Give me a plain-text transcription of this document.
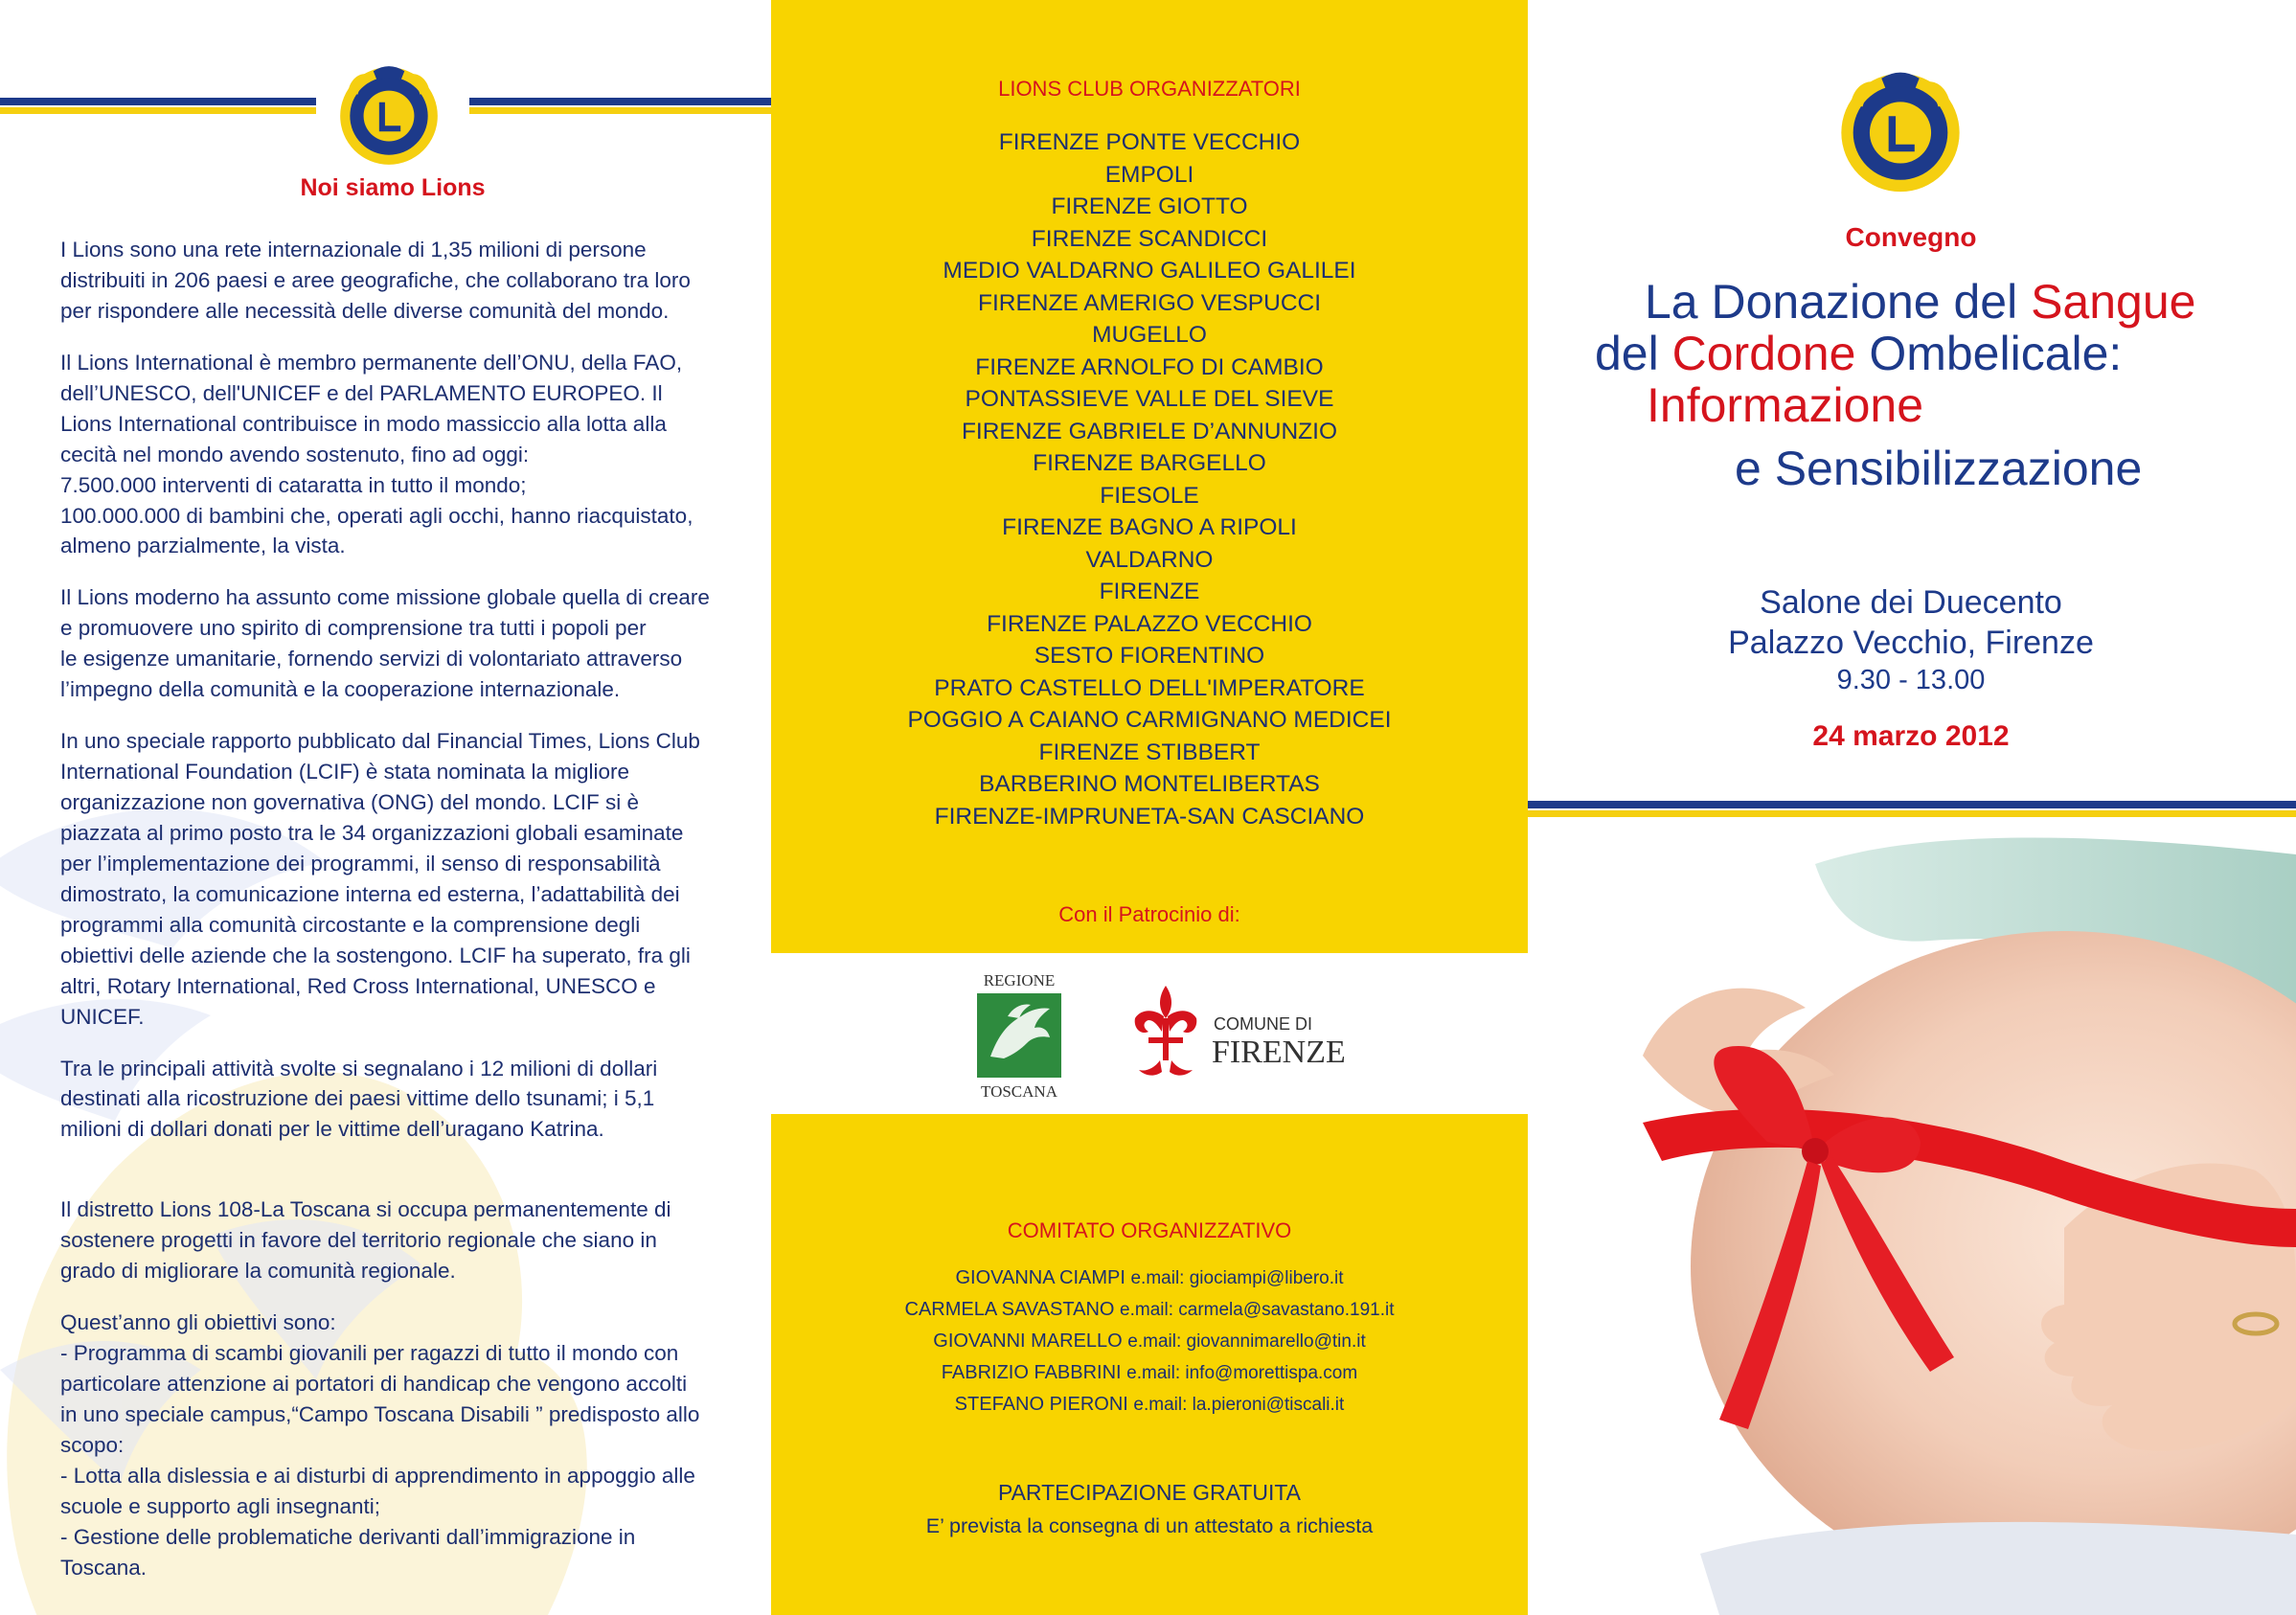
Noi siamo Lions

I Lions sono una rete internazionale di 1,35 milioni di persone
distribuiti in 206 paesi e aree geografiche, che collaborano tra loro
per rispondere alle necessità delle diverse comunità del mondo.

Il Lions International è membro permanente dell’ONU, della FAO,
dell’UNESCO, dell'UNICEF e del PARLAMENTO EUROPEO. Il
Lions International contribuisce in modo massiccio alla lotta alla
cecità nel mondo avendo sostenuto, fino ad oggi:
7.500.000 interventi di cataratta in tutto il mondo;
100.000.000 di bambini che, operati agli occhi, hanno riacquistato,
almeno parzialmente, la vista.

Il Lions moderno ha assunto come missione globale quella di creare
e promuovere uno spirito di comprensione tra tutti i popoli per
le esigenze umanitarie, fornendo servizi di volontariato attraverso
l’impegno della comunità e la cooperazione internazionale.

In uno speciale rapporto pubblicato dal Financial Times, Lions Club
International Foundation (LCIF) è stata nominata la migliore
organizzazione non governativa (ONG) del mondo. LCIF si è
piazzata al primo posto tra le 34 organizzazioni globali esaminate
per l’implementazione dei programmi, il senso di responsabilità
dimostrato, la comunicazione interna ed esterna, l’adattabilità dei
programmi alla comunità circostante e la comprensione degli
obiettivi delle aziende che la sostengono. LCIF ha superato, fra gli
altri, Rotary International, Red Cross International, UNESCO e
UNICEF.

Tra le principali attività svolte si segnalano i 12 milioni di dollari
destinati alla ricostruzione dei paesi vittime dello tsunami; i 5,1
milioni di dollari donati per le vittime dell’uragano Katrina.

Il distretto Lions 108-La Toscana si occupa permanentemente di
sostenere progetti in favore del territorio regionale che siano in
grado di migliorare la comunità regionale.

Quest’anno gli obiettivi sono:
- Programma di scambi giovanili per ragazzi di tutto il mondo con
particolare attenzione ai portatori di handicap che vengono accolti
in uno speciale campus,“Campo Toscana Disabili ” predisposto allo
scopo:
- Lotta alla dislessia e ai disturbi di apprendimento in appoggio alle
scuole e supporto agli insegnanti;
- Gestione delle problematiche derivanti dall’immigrazione in
Toscana.

LIONS CLUB ORGANIZZATORI

FIRENZE PONTE VECCHIO
EMPOLI
FIRENZE GIOTTO
FIRENZE SCANDICCI
MEDIO VALDARNO GALILEO GALILEI
FIRENZE AMERIGO VESPUCCI
MUGELLO
FIRENZE ARNOLFO DI CAMBIO
PONTASSIEVE VALLE DEL SIEVE
FIRENZE GABRIELE D’ANNUNZIO
FIRENZE BARGELLO
FIESOLE
FIRENZE BAGNO A RIPOLI
VALDARNO
FIRENZE
FIRENZE PALAZZO VECCHIO
SESTO FIORENTINO
PRATO CASTELLO DELL'IMPERATORE
POGGIO A CAIANO CARMIGNANO MEDICEI
FIRENZE STIBBERT
BARBERINO MONTELIBERTAS
FIRENZE-IMPRUNETA-SAN CASCIANO

Con il Patrocinio di:

REGIONE
TOSCANA
COMUNE DI
FIRENZE

COMITATO ORGANIZZATIVO

GIOVANNA CIAMPI e.mail: gіociampi@libero.it
CARMELA SAVASTANO e.mail: carmela@savastano.191.it
GIOVANNI MARELLO e.mail: giovannimarello@tin.it
FABRIZIO FABBRINI e.mail: info@morettispa.com
STEFANO PIERONI e.mail: la.pieroni@tiscali.it
PARTECIPAZIONE GRATUITA
E’ prevista la consegna di un attestato a richiesta

Convegno

La Donazione del Sangue
del Cordone Ombelicale:
Informazione
e Sensibilizzazione
Salone dei Duecento
Palazzo Vecchio, Firenze
9.30 - 13.00
24 marzo 2012
